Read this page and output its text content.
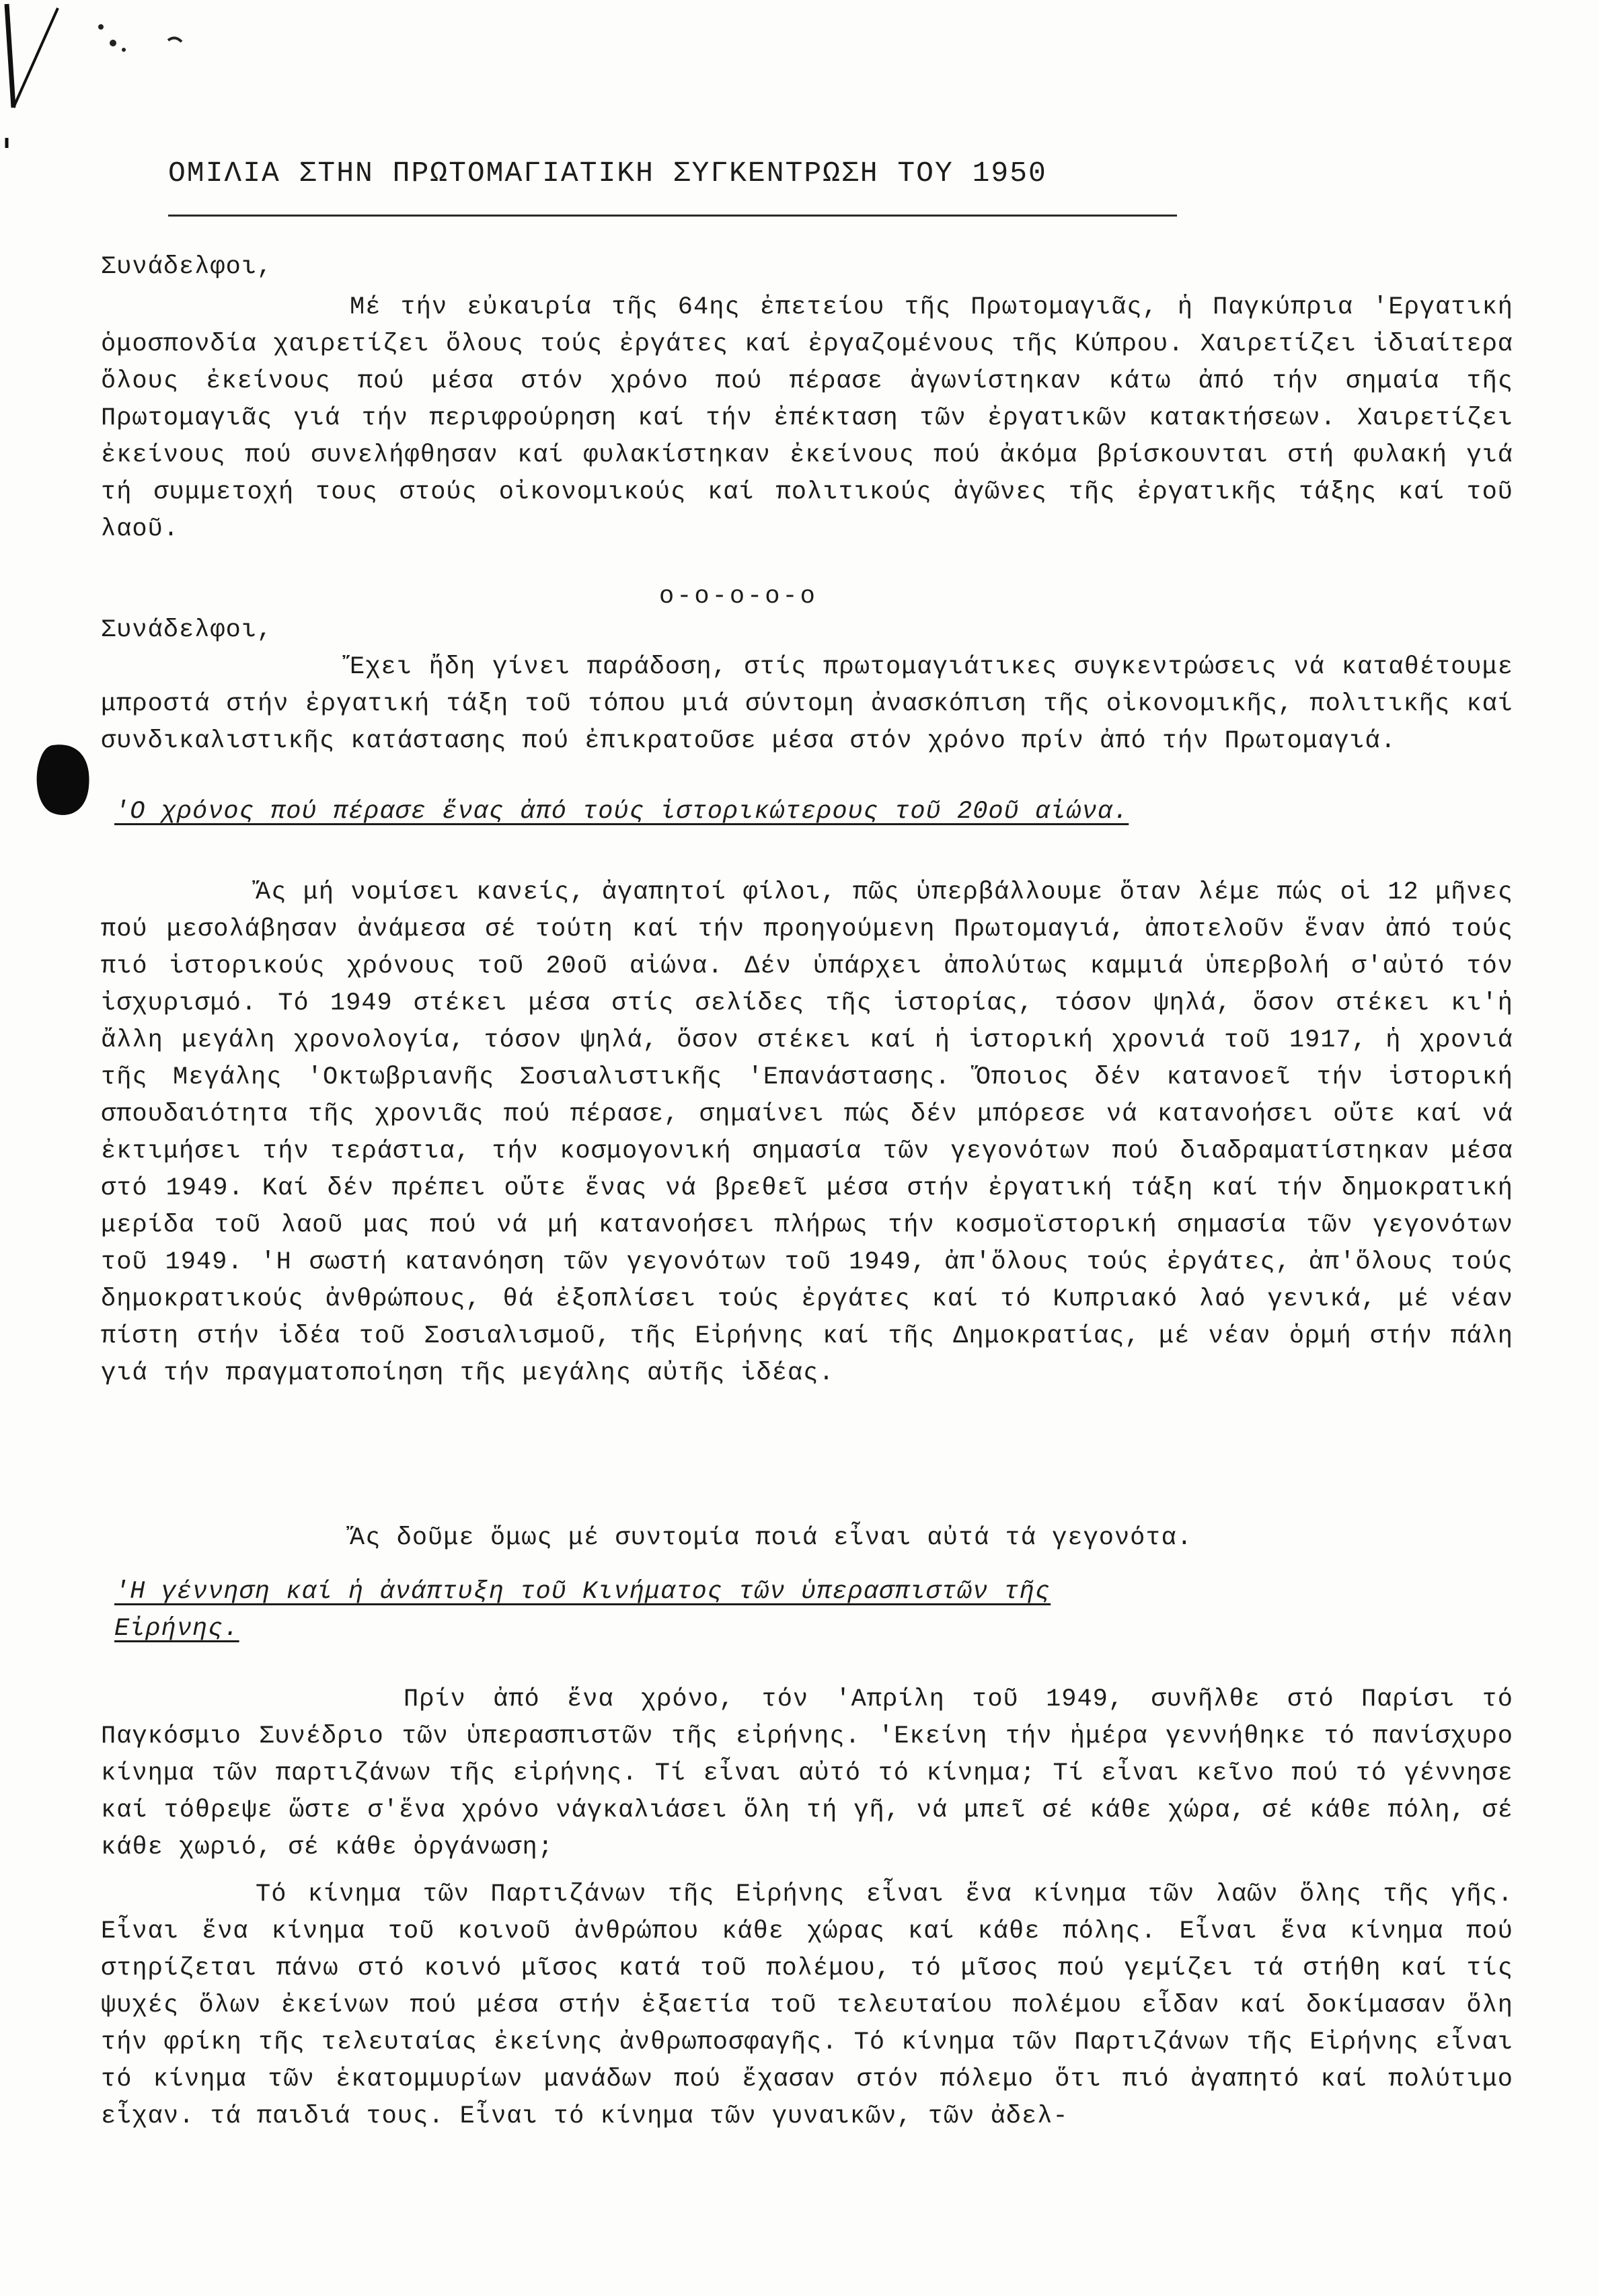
ΟΜΙΛΙΑ ΣΤΗΝ ΠΡΩΤΟΜΑΓΙΑΤΙΚΗ ΣΥΓΚΕΝΤΡΩΣΗ ΤΟΥ 1950
Συνάδελφοι,

Μέ τήν εὐκαιρία τῆς 64ης ἐπετείου τῆς Πρωτομαγιᾶς, ἡ Παγκύπρια 'Εργατική ὁμοσπονδία χαιρετίζει ὅλους τούς ἐργάτες καί ἐργαζομένους τῆς Κύπρου. Χαιρετίζει ἰδιαίτερα ὅλους ἐκείνους πού μέσα στόν χρόνο πού πέρασε ἀγωνίστηκαν κάτω ἀπό τήν σημαία τῆς Πρωτομαγιᾶς γιά τήν περιφρούρηση καί τήν ἐπέκταση τῶν ἐργατικῶν κατακτήσεων. Χαιρετίζει ἐκείνους πού συνελήφθησαν καί φυλακίστηκαν ἐκείνους πού ἀκόμα βρίσκουνται στή φυλακή γιά τή συμμετοχή τους στούς οἰκονομικούς καί πολιτικούς ἀγῶνες τῆς ἐργατικῆς τάξης καί τοῦ λαοῦ.

ο-ο-ο-ο-ο
Συνάδελφοι,

Ἔχει ἤδη γίνει παράδοση, στίς πρωτομαγιάτικες συγκεντρώσεις νά καταθέτουμε μπροστά στήν ἐργατική τάξη τοῦ τόπου μιά σύντομη ἀνασκόπιση τῆς οἰκονομικῆς, πολιτικῆς καί συνδικαλιστικῆς κατάστασης πού ἐπικρατοῦσε μέσα στόν χρόνο πρίν ἀπό τήν Πρωτομαγιά.

'Ο χρόνος πού πέρασε ἕνας ἀπό τούς ἱστορικώτερους τοῦ 20οῦ αἰώνα.

Ἄς μή νομίσει κανείς, ἀγαπητοί φίλοι, πῶς ὑπερβάλλουμε ὅταν λέμε πώς οἱ 12 μῆνες πού μεσολάβησαν ἀνάμεσα σέ τούτη καί τήν προηγούμενη Πρωτομαγιά, ἀποτελοῦν ἕναν ἀπό τούς πιό ἱστορικούς χρόνους τοῦ 20οῦ αἰώνα. Δέν ὑπάρχει ἀπολύτως καμμιά ὑπερβολή σ'αὐτό τόν ἰσχυρισμό. Τό 1949 στέκει μέσα στίς σελίδες τῆς ἱστορίας, τόσον ψηλά, ὅσον στέκει κι'ἡ ἄλλη μεγάλη χρονολογία, τόσον ψηλά, ὅσον στέκει καί ἡ ἱστορική χρονιά τοῦ 1917, ἡ χρονιά τῆς Μεγάλης 'Οκτωβριανῆς Σοσιαλιστικῆς 'Επανάστασης. Ὅποιος δέν κατανοεῖ τήν ἱστορική σπουδαιότητα τῆς χρονιᾶς πού πέρασε, σημαίνει πώς δέν μπόρεσε νά κατανοήσει οὔτε καί νά ἐκτιμήσει τήν τεράστια, τήν κοσμογονική σημασία τῶν γεγονότων πού διαδραματίστηκαν μέσα στό 1949. Καί δέν πρέπει οὔτε ἕνας νά βρεθεῖ μέσα στήν ἐργατική τάξη καί τήν δημοκρατική μερίδα τοῦ λαοῦ μας πού νά μή κατανοήσει πλήρως τήν κοσμοϊστορική σημασία τῶν γεγονότων τοῦ 1949. 'Η σωστή κατανόηση τῶν γεγονότων τοῦ 1949, ἀπ'ὅλους τούς ἐργάτες, ἀπ'ὅλους τούς δημοκρατικούς ἀνθρώπους, θά ἐξοπλίσει τούς ἐργάτες καί τό Κυπριακό λαό γενικά, μέ νέαν πίστη στήν ἰδέα τοῦ Σοσιαλισμοῦ, τῆς Εἰρήνης καί τῆς Δημοκρατίας, μέ νέαν ὁρμή στήν πάλη γιά τήν πραγματοποίηση τῆς μεγάλης αὐτῆς ἰδέας.

Ἄς δοῦμε ὅμως μέ συντομία ποιά εἶναι αὐτά τά γεγονότα.

'Η γέννηση καί ἡ ἀνάπτυξη τοῦ Κινήματος τῶν ὑπερασπιστῶν τῆς Εἰρήνης.

Πρίν ἀπό ἕνα χρόνο, τόν 'Απρίλη τοῦ 1949, συνῆλθε στό Παρίσι τό Παγκόσμιο Συνέδριο τῶν ὑπερασπιστῶν τῆς εἰρήνης. 'Εκείνη τήν ἡμέρα γεννήθηκε τό πανίσχυρο κίνημα τῶν παρτιζάνων τῆς εἰρήνης. Τί εἶναι αὐτό τό κίνημα; Τί εἶναι κεῖνο πού τό γέννησε καί τόθρεψε ὥστε σ'ἕνα χρόνο νάγκαλιάσει ὅλη τή γῆ, νά μπεῖ σέ κάθε χώρα, σέ κάθε πόλη, σέ κάθε χωριό, σέ κάθε ὀργάνωση;

Τό κίνημα τῶν Παρτιζάνων τῆς Εἰρήνης εἶναι ἕνα κίνημα τῶν λαῶν ὅλης τῆς γῆς. Εἶναι ἕνα κίνημα τοῦ κοινοῦ ἀνθρώπου κάθε χώρας καί κάθε πόλης. Εἶναι ἕνα κίνημα πού στηρίζεται πάνω στό κοινό μῖσος κατά τοῦ πολέμου, τό μῖσος πού γεμίζει τά στήθη καί τίς ψυχές ὅλων ἐκείνων πού μέσα στήν ἑξαετία τοῦ τελευταίου πολέμου εἶδαν καί δοκίμασαν ὅλη τήν φρίκη τῆς τελευταίας ἐκείνης ἀνθρωποσφαγῆς. Τό κίνημα τῶν Παρτιζάνων τῆς Εἰρήνης εἶναι τό κίνημα τῶν ἑκατομμυρίων μανάδων πού ἔχασαν στόν πόλεμο ὅτι πιό ἀγαπητό καί πολύτιμο εἶχαν. τά παιδιά τους. Εἶναι τό κίνημα τῶν γυναικῶν, τῶν ἀδελ-
